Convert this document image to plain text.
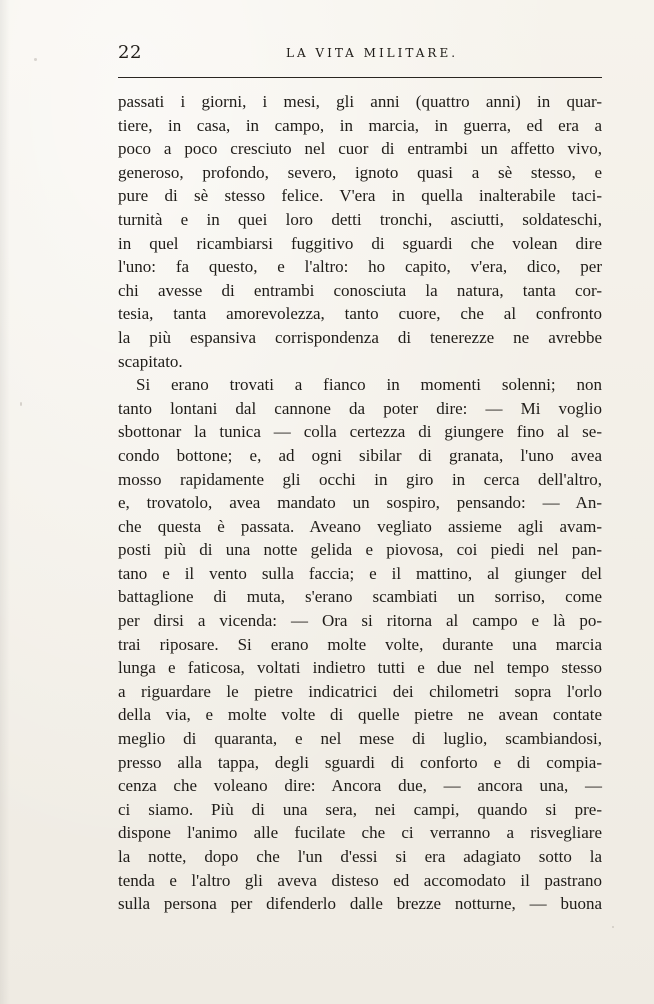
22	LA VITA MILITARE.
passati i giorni, i mesi, gli anni (quattro anni) in quar-
tiere, in casa, in campo, in marcia, in guerra, ed era a
poco a poco cresciuto nel cuor di entrambi un affetto vivo,
generoso, profondo, severo, ignoto quasi a sè stesso, e
pure di sè stesso felice. V'era in quella inalterabile taci-
turnità e in quei loro detti tronchi, asciutti, soldateschi,
in quel ricambiarsi fuggitivo di sguardi che volean dire
l'uno: fa questo, e l'altro: ho capito, v'era, dico, per
chi avesse di entrambi conosciuta la natura, tanta cor-
tesia, tanta amorevolezza, tanto cuore, che al confronto
la più espansiva corrispondenza di tenerezze ne avrebbe
scapitato.
Si erano trovati a fianco in momenti solenni; non
tanto lontani dal cannone da poter dire: — Mi voglio
sbottonar la tunica — colla certezza di giungere fino al se-
condo bottone; e, ad ogni sibilar di granata, l'uno avea
mosso rapidamente gli occhi in giro in cerca dell'altro,
e, trovatolo, avea mandato un sospiro, pensando: — An-
che questa è passata. Aveano vegliato assieme agli avam-
posti più di una notte gelida e piovosa, coi piedi nel pan-
tano e il vento sulla faccia; e il mattino, al giunger del
battaglione di muta, s'erano scambiati un sorriso, come
per dirsi a vicenda: — Ora si ritorna al campo e là po-
trai riposare. Si erano molte volte, durante una marcia
lunga e faticosa, voltati indietro tutti e due nel tempo stesso
a riguardare le pietre indicatrici dei chilometri sopra l'orlo
della via, e molte volte di quelle pietre ne avean contate
meglio di quaranta, e nel mese di luglio, scambiandosi,
presso alla tappa, degli sguardi di conforto e di compia-
cenza che voleano dire: Ancora due, — ancora una, —
ci siamo. Più di una sera, nei campi, quando si pre-
dispone l'animo alle fucilate che ci verranno a risvegliare
la notte, dopo che l'un d'essi si era adagiato sotto la
tenda e l'altro gli aveva disteso ed accomodato il pastrano
sulla persona per difenderlo dalle brezze notturne, — buona
